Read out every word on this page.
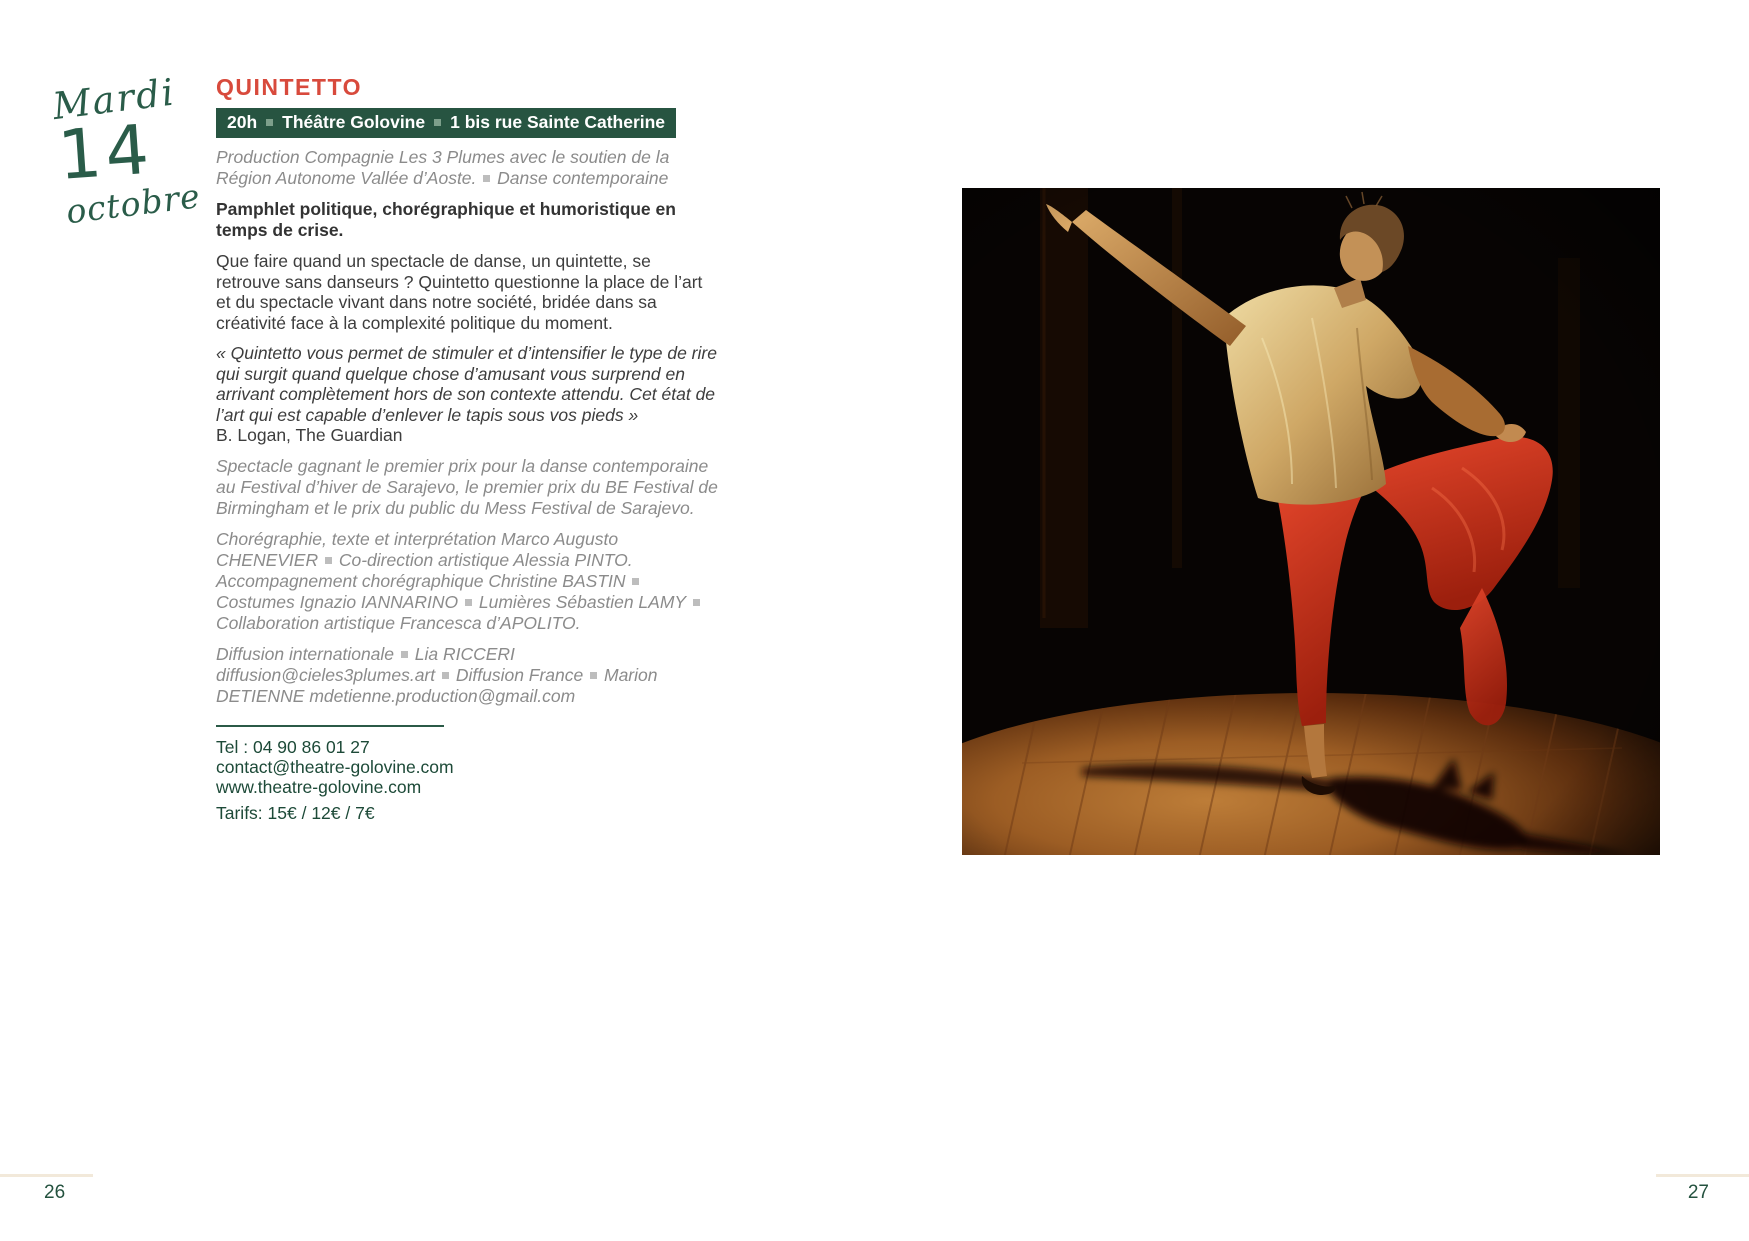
Mardi
14
octobre
QUINTETTO
20h Théâtre Golovine 1 bis rue Sainte Catherine

Production Compagnie Les 3 Plumes avec le soutien de la Région Autonome Vallée d’Aoste.  Danse contemporaine

Pamphlet politique, chorégraphique et humoristique en temps de crise.

Que faire quand un spectacle de danse, un quintette, se retrouve sans danseurs ? Quintetto questionne la place de l’art et du spectacle vivant dans notre société, bridée dans sa créativité face à la complexité politique du moment.

« Quintetto vous permet de stimuler et d’intensifier le type de rire qui surgit quand quelque chose d’amusant vous surprend en arrivant complètement hors de son contexte attendu. Cet état de l’art qui est capable d’enlever le tapis sous vos pieds »

B. Logan, The Guardian

Spectacle gagnant le premier prix pour la danse contemporaine au Festival d’hiver de Sarajevo, le premier prix du BE Festival de Birmingham et le prix du public du Mess Festival de Sarajevo.

Chorégraphie, texte et interprétation Marco Augusto CHENEVIER  Co-direction artistique Alessia PINTO. Accompagnement chorégraphique Christine BASTIN  Costumes Ignazio IANNARINO  Lumières Sébastien LAMY  Collaboration artistique Francesca d’APOLITO.

Diffusion internationale  Lia RICCERI diffusion@cieles3plumes.art  Diffusion France  Marion DETIENNE mdetienne.production@gmail.com

Tel : 04 90 86 01 27
contact@theatre-golovine.com
www.theatre-golovine.com
Tarifs: 15€ / 12€ / 7€
26	27
